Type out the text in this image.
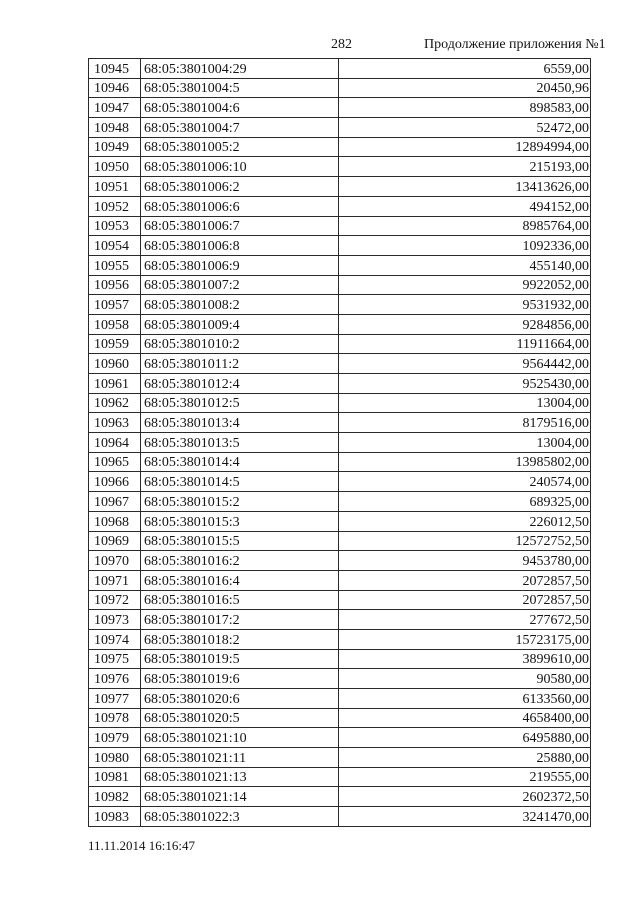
282	Продолжение приложения №1
10945	68:05:3801004:29	6559,00
10946	68:05:3801004:5	20450,96
10947	68:05:3801004:6	898583,00
10948	68:05:3801004:7	52472,00
10949	68:05:3801005:2	12894994,00
10950	68:05:3801006:10	215193,00
10951	68:05:3801006:2	13413626,00
10952	68:05:3801006:6	494152,00
10953	68:05:3801006:7	8985764,00
10954	68:05:3801006:8	1092336,00
10955	68:05:3801006:9	455140,00
10956	68:05:3801007:2	9922052,00
10957	68:05:3801008:2	9531932,00
10958	68:05:3801009:4	9284856,00
10959	68:05:3801010:2	11911664,00
10960	68:05:3801011:2	9564442,00
10961	68:05:3801012:4	9525430,00
10962	68:05:3801012:5	13004,00
10963	68:05:3801013:4	8179516,00
10964	68:05:3801013:5	13004,00
10965	68:05:3801014:4	13985802,00
10966	68:05:3801014:5	240574,00
10967	68:05:3801015:2	689325,00
10968	68:05:3801015:3	226012,50
10969	68:05:3801015:5	12572752,50
10970	68:05:3801016:2	9453780,00
10971	68:05:3801016:4	2072857,50
10972	68:05:3801016:5	2072857,50
10973	68:05:3801017:2	277672,50
10974	68:05:3801018:2	15723175,00
10975	68:05:3801019:5	3899610,00
10976	68:05:3801019:6	90580,00
10977	68:05:3801020:6	6133560,00
10978	68:05:3801020:5	4658400,00
10979	68:05:3801021:10	6495880,00
10980	68:05:3801021:11	25880,00
10981	68:05:3801021:13	219555,00
10982	68:05:3801021:14	2602372,50
10983	68:05:3801022:3	3241470,00
11.11.2014 16:16:47
